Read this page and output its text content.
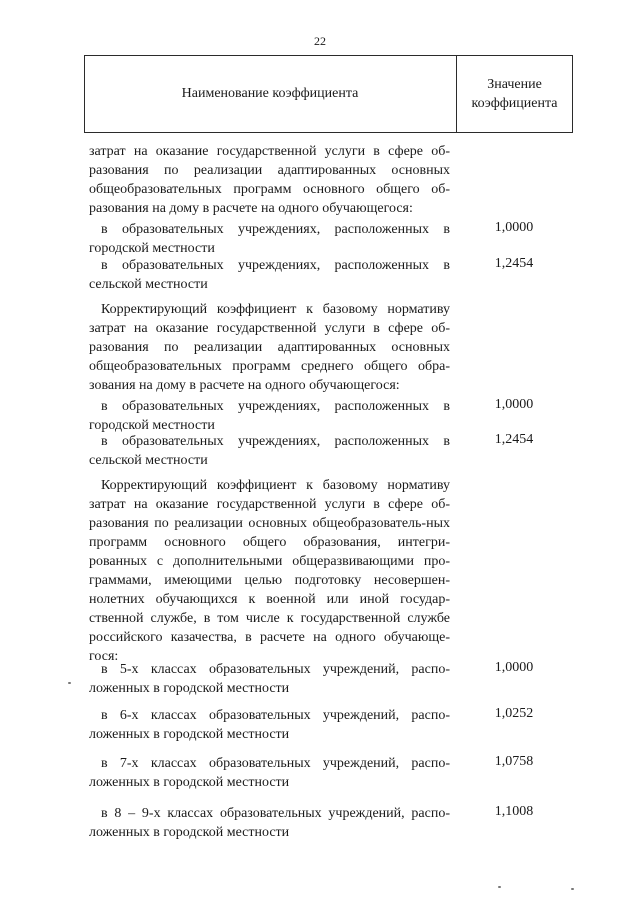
22
Наименование коэффициента
Значение
коэффициента
затрат на оказание государственной услуги в сфере об-разования по реализации адаптированных основных общеобразовательных программ основного общего об-разования на дому в расчете на одного обучающегося:
в образовательных учреждениях, расположенных в городской местности
1,0000
в образовательных учреждениях, расположенных в сельской местности
1,2454
Корректирующий коэффициент к базовому нормативу затрат на оказание государственной услуги в сфере об-разования по реализации адаптированных основных общеобразовательных программ среднего общего обра-зования на дому в расчете на одного обучающегося:
в образовательных учреждениях, расположенных в городской местности
1,0000
в образовательных учреждениях, расположенных в сельской местности
1,2454
Корректирующий коэффициент к базовому нормативу затрат на оказание государственной услуги в сфере об-разования по реализации основных общеобразователь-ных программ основного общего образования, интегри-рованных с дополнительными общеразвивающими про-граммами, имеющими целью подготовку несовершен-нолетних обучающихся к военной или иной государ-ственной службе, в том числе к государственной службе российского казачества, в расчете на одного обучающе-гося:
в 5-х классах образовательных учреждений, распо-ложенных в городской местности
1,0000
в 6-х классах образовательных учреждений, распо-ложенных в городской местности
1,0252
в 7-х классах образовательных учреждений, распо-ложенных в городской местности
1,0758
в 8 – 9-х классах образовательных учреждений, распо-ложенных в городской местности
1,1008
